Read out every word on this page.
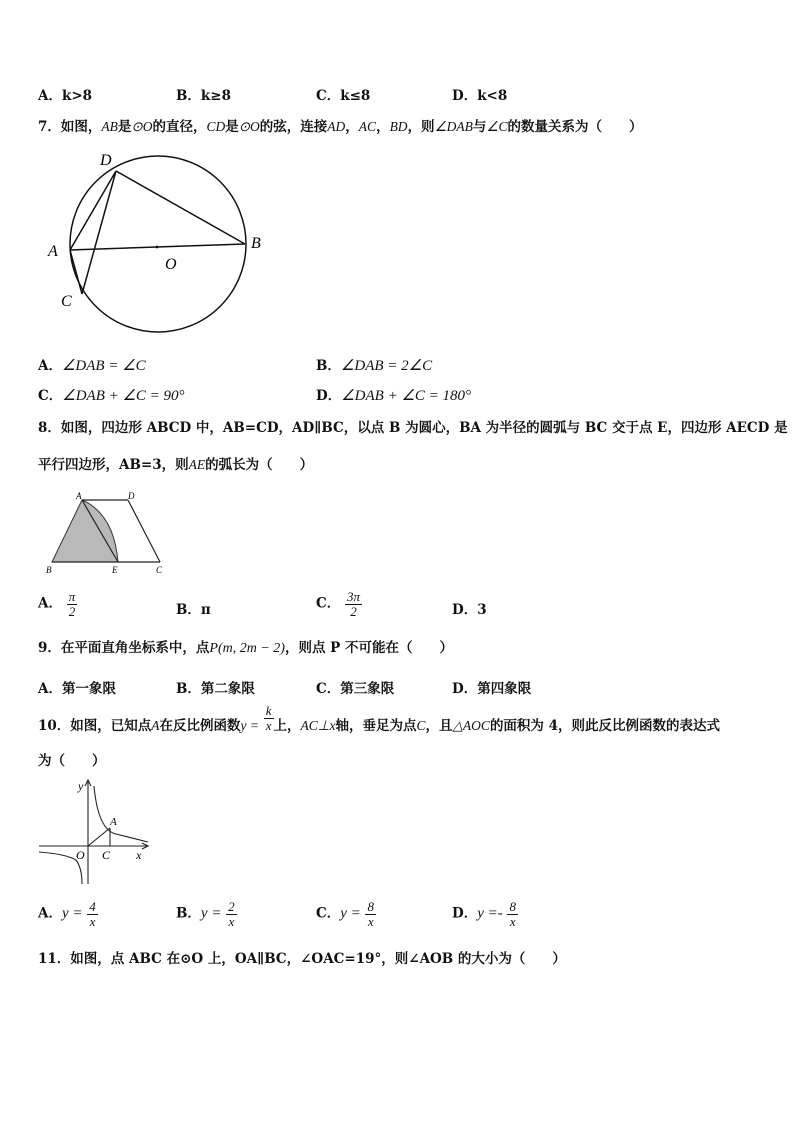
A．k>8	B．k≥8	C．k≤8	D．k<8
7．如图，AB是⊙O的直径，CD是⊙O的弦，连接AD，AC，BD，则∠DAB与∠C的数量关系为（　　）
D
A	B
O
C
A．∠DAB = ∠C	B．∠DAB = 2∠C
C．∠DAB + ∠C = 90°	D．∠DAB + ∠C = 180°
8．如图，四边形 ABCD 中，AB=CD，AD∥BC，以点 B 为圆心，BA 为半径的圆弧与 BC 交于点 E，四边形 AECD 是
平行四边形，AB=3，则AE的弧长为（　　）
A	D
B	E	C
A． $\frac{\pi}{2}$	B．π	C． $\frac{3\pi}{2}$	D．3
9．在平面直角坐标系中，点P(m, 2m − 2)，则点 P 不可能在（　　）
A．第一象限	B．第二象限	C．第三象限	D．第四象限
10．如图，已知点A在反比例函数$y = \frac{k}{x}$ 上，AC⊥x轴，垂足为点C，且△AOC的面积为 4，则此反比例函数的表达式
为（　　）
y
A
O C x
A．$y = \frac{4}{x}$	B．$y = \frac{2}{x}$	C．$y = \frac{8}{x}$	D．$y =- \frac{8}{x}$
11．如图，点 ABC 在⊙O 上，OA∥BC，∠OAC=19°，则∠AOB 的大小为（　　）
